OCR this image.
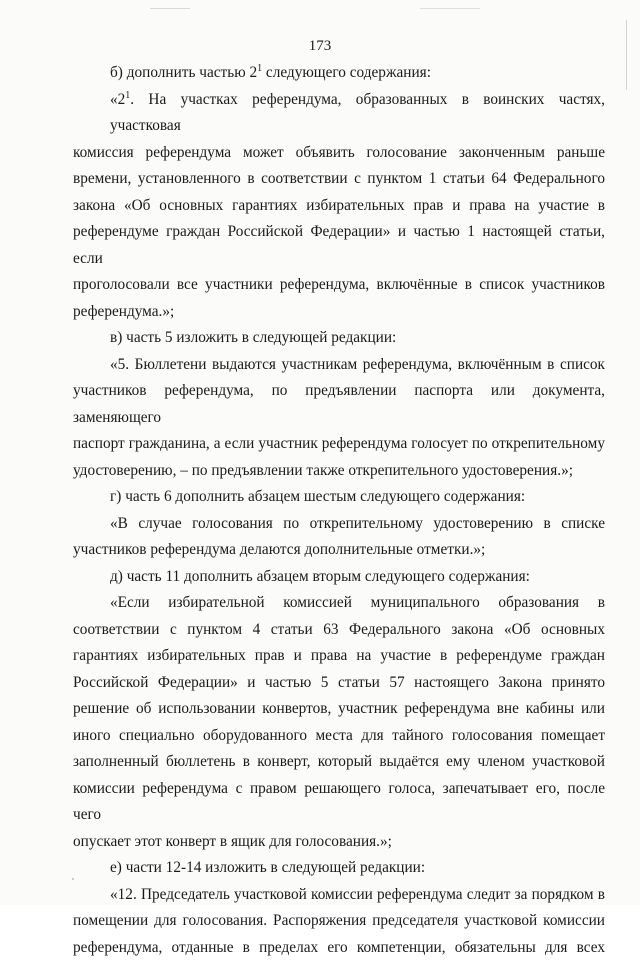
173
б) дополнить частью $2^1$ следующего содержания:
«$2^1$. На участках референдума, образованных в воинских частях, участковая
комиссия референдума может объявить голосование законченным раньше
времени, установленного в соответствии с пунктом 1 статьи 64 Федерального
закона «Об основных гарантиях избирательных прав и права на участие в
референдуме граждан Российской Федерации» и частью 1 настоящей статьи, если
проголосовали все участники референдума, включённые в список участников
референдума.»;
в) часть 5 изложить в следующей редакции:
«5. Бюллетени выдаются участникам референдума, включённым в список
участников референдума, по предъявлении паспорта или документа, заменяющего
паспорт гражданина, а если участник референдума голосует по открепительному
удостоверению, – по предъявлении также открепительного удостоверения.»;
г) часть 6 дополнить абзацем шестым следующего содержания:
«В случае голосования по открепительному удостоверению в списке
участников референдума делаются дополнительные отметки.»;
д) часть 11 дополнить абзацем вторым следующего содержания:
«Если избирательной комиссией муниципального образования в
соответствии с пунктом 4 статьи 63 Федерального закона «Об основных
гарантиях избирательных прав и права на участие в референдуме граждан
Российской Федерации» и частью 5 статьи 57 настоящего Закона принято
решение об использовании конвертов, участник референдума вне кабины или
иного специально оборудованного места для тайного голосования помещает
заполненный бюллетень в конверт, который выдаётся ему членом участковой
комиссии референдума с правом решающего голоса, запечатывает его, после чего
опускает этот конверт в ящик для голосования.»;
е) части 12-14 изложить в следующей редакции:
«12. Председатель участковой комиссии референдума следит за порядком в
помещении для голосования. Распоряжения председателя участковой комиссии
референдума, отданные в пределах его компетенции, обязательны для всех
